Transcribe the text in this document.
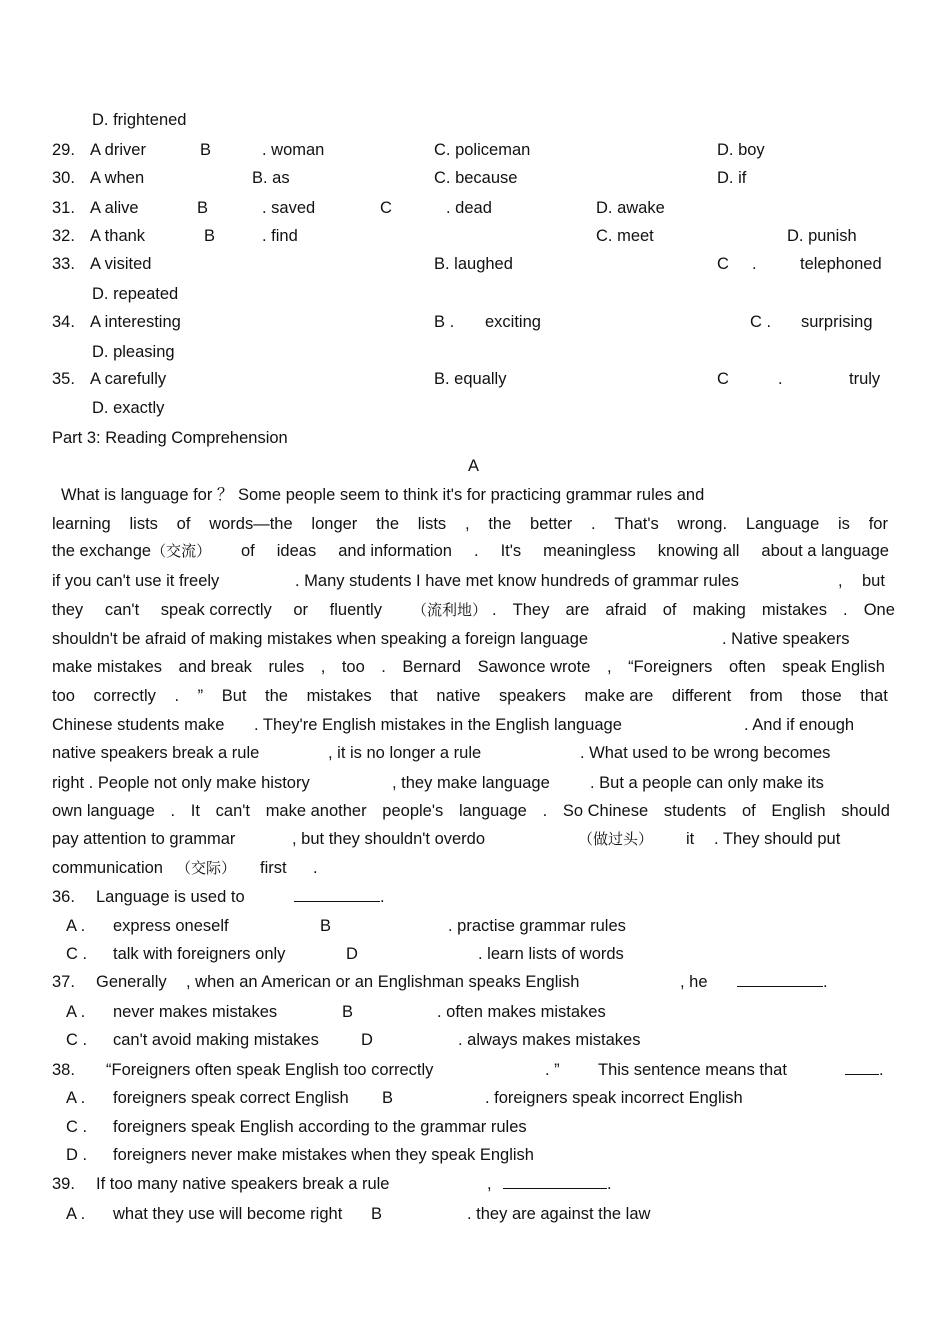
D. frightened
29. A driver	B	. woman	C. policeman	D. boy
30. A when	B. as	C. because	D. if
31. A alive	B	. saved	C	. dead	D. awake
32. A thank	B	. find	C. meet	D. punish
33. A visited	B. laughed	C .	telephoned
D. repeated
34. A interesting	B . exciting	C . surprising
D. pleasing
35. A carefully	B. equally	C	.	truly
D. exactly
Part 3: Reading Comprehension
A
What is language for ？ Some people seem to think it's for practicing grammar rules and
learning lists of words—the longer the lists , the better . That's wrong. Language is for
the exchange（交流） of ideas and information . It's meaningless knowing all about a language
if you can't use it freely	. Many students I have met know hundreds of grammar rules	, but
they can't speak correctly or fluently （流利地） . They are afraid of making mistakes . One
shouldn't be afraid of making mistakes when speaking a foreign language	. Native speakers
make mistakes and break rules , too . Bernard Sawonce wrote , “Foreigners often speak English
too correctly . ” But the mistakes that native speakers make are different from those that
Chinese students make . They're English mistakes in the English language	. And if enough
native speakers break a rule	, it is no longer a rule	. What used to be wrong becomes
right . People not only make history	, they make language . But a people can only make its
own language . It can't make another people's language . So Chinese students of English should
pay attention to grammar	, but they shouldn't overdo	（做过头） it . They should put
communication （交际） first .
36. Language is used to	.
A . express oneself	B	. practise grammar rules
C . talk with foreigners only	D	. learn lists of words
37. Generally , when an American or an Englishman speaks English	, he	.
A . never makes mistakes	B	. often makes mistakes
C . can't avoid making mistakes	D	. always makes mistakes
38. “Foreigners often speak English too correctly	. ” This sentence means that	.
A . foreigners speak correct English B	. foreigners speak incorrect English
C . foreigners speak English according to the grammar rules
D . foreigners never make mistakes when they speak English
39. If too many native speakers break a rule	,	.
A . what they use will become right B	. they are against the law
